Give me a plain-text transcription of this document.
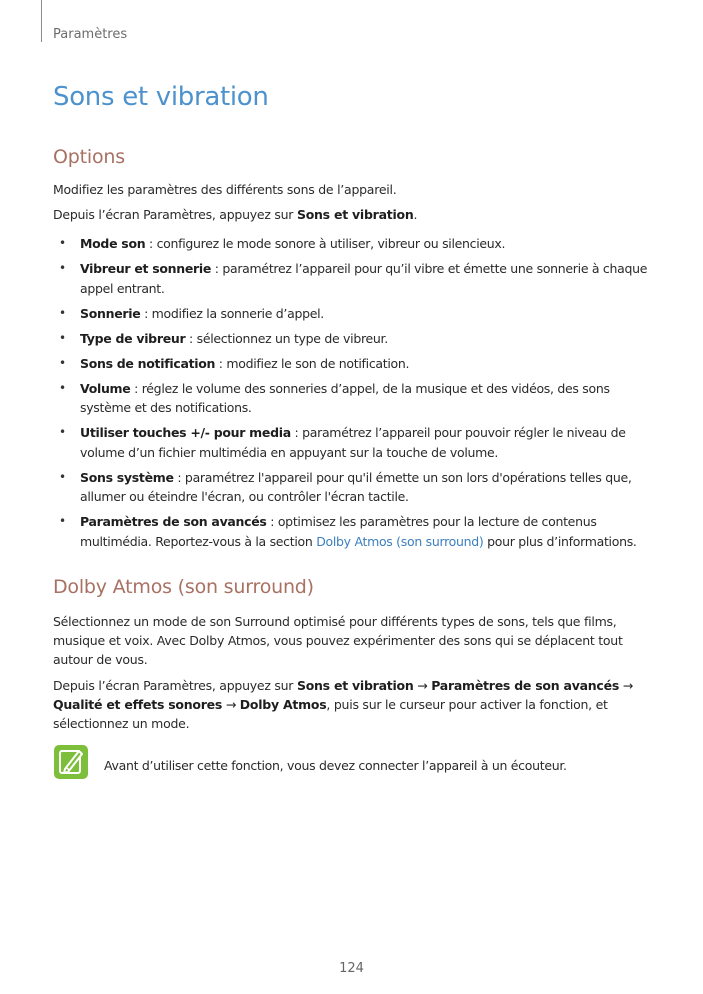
Paramètres
Sons et vibration
Options

Modifiez les paramètres des différents sons de l’appareil.

Depuis l’écran Paramètres, appuyez sur Sons et vibration.

• Mode son : configurez le mode sonore à utiliser, vibreur ou silencieux.
• Vibreur et sonnerie : paramétrez l’appareil pour qu’il vibre et émette une sonnerie à chaque appel entrant.
• Sonnerie : modifiez la sonnerie d’appel.
• Type de vibreur : sélectionnez un type de vibreur.
• Sons de notification : modifiez le son de notification.
• Volume : réglez le volume des sonneries d’appel, de la musique et des vidéos, des sons système et des notifications.
• Utiliser touches +/- pour media : paramétrez l’appareil pour pouvoir régler le niveau de volume d’un fichier multimédia en appuyant sur la touche de volume.
• Sons système : paramétrez l'appareil pour qu'il émette un son lors d'opérations telles que, allumer ou éteindre l'écran, ou contrôler l'écran tactile.
• Paramètres de son avancés : optimisez les paramètres pour la lecture de contenus multimédia. Reportez-vous à la section Dolby Atmos (son surround) pour plus d’informations.
Dolby Atmos (son surround)

Sélectionnez un mode de son Surround optimisé pour différents types de sons, tels que films, musique et voix. Avec Dolby Atmos, vous pouvez expérimenter des sons qui se déplacent tout autour de vous.

Depuis l’écran Paramètres, appuyez sur Sons et vibration → Paramètres de son avancés → Qualité et effets sonores → Dolby Atmos, puis sur le curseur pour activer la fonction, et sélectionnez un mode.

Avant d’utiliser cette fonction, vous devez connecter l’appareil à un écouteur.

124
